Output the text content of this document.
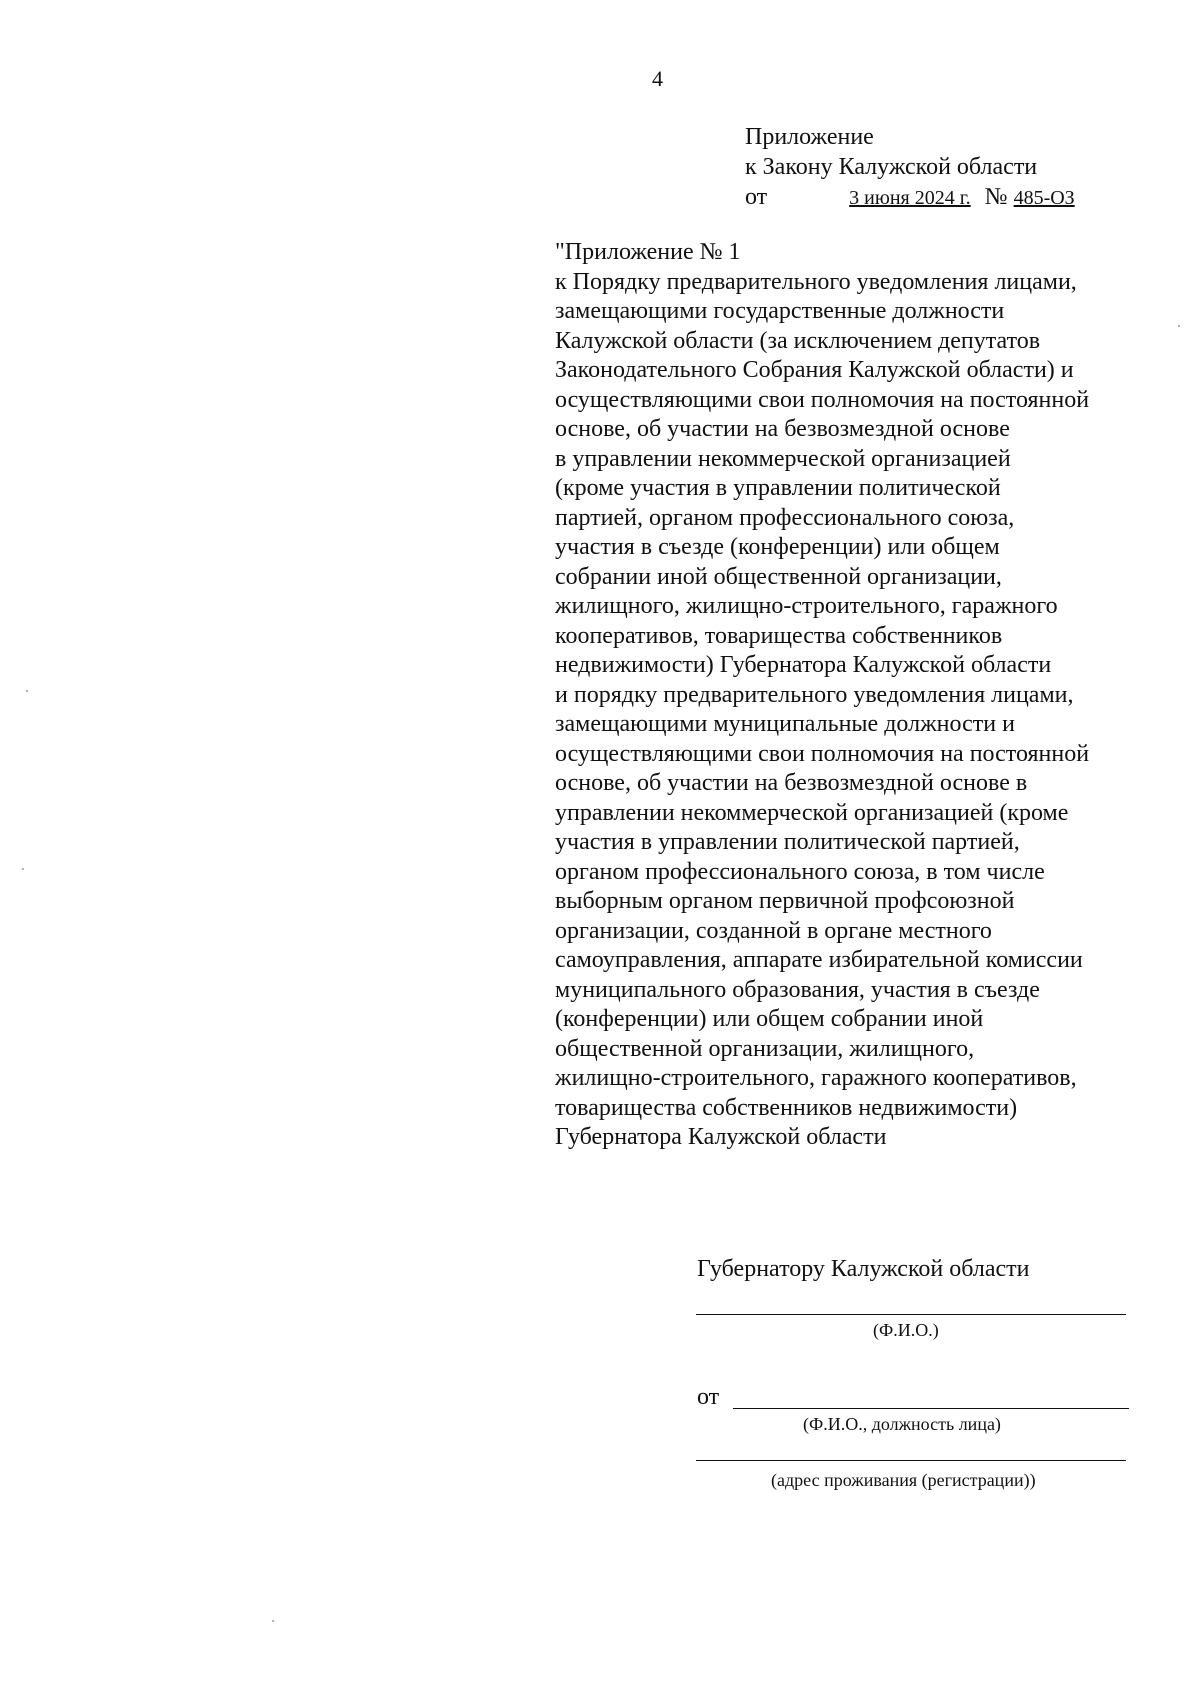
4
Приложение
к Закону Калужской области
от	3 июня 2024 г. № 485-ОЗ
"Приложение № 1
к Порядку предварительного уведомления лицами,
замещающими государственные должности
Калужской области (за исключением депутатов
Законодательного Собрания Калужской области) и
осуществляющими свои полномочия на постоянной
основе, об участии на безвозмездной основе
в управлении некоммерческой организацией
(кроме участия в управлении политической
партией, органом профессионального союза,
участия в съезде (конференции) или общем
собрании иной общественной организации,
жилищного, жилищно-строительного, гаражного
кооперативов, товарищества собственников
недвижимости) Губернатора Калужской области
и порядку предварительного уведомления лицами,
замещающими муниципальные должности и
осуществляющими свои полномочия на постоянной
основе, об участии на безвозмездной основе в
управлении некоммерческой организацией (кроме
участия в управлении политической партией,
органом профессионального союза, в том числе
выборным органом первичной профсоюзной
организации, созданной в органе местного
самоуправления, аппарате избирательной комиссии
муниципального образования, участия в съезде
(конференции) или общем собрании иной
общественной организации, жилищного,
жилищно-строительного, гаражного кооперативов,
товарищества собственников недвижимости)
Губернатора Калужской области
Губернатору Калужской области
(Ф.И.О.)
от
(Ф.И.О., должность лица)
(адрес проживания (регистрации))
